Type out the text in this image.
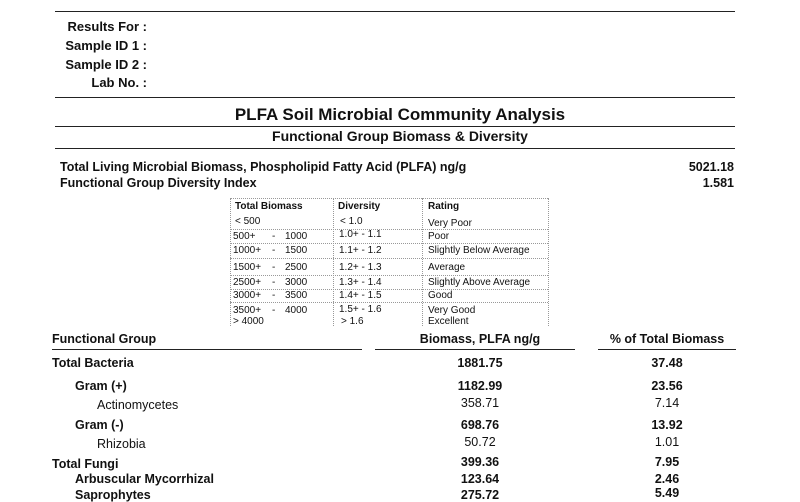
Results For :
Sample ID 1 :
Sample ID 2 :
Lab No. :
PLFA Soil Microbial Community Analysis
Functional Group Biomass & Diversity
Total Living Microbial Biomass, Phospholipid Fatty Acid (PLFA) ng/g	5021.18
Functional Group Diversity Index	1.581
Total Biomass	Diversity	Rating
< 500	< 1.0	Very Poor
500+ - 1000	1.0+ - 1.1	Poor
1000+ - 1500	1.1+ - 1.2	Slightly Below Average
1500+ - 2500	1.2+ - 1.3	Average
2500+ - 3000	1.3+ - 1.4	Slightly Above Average
3000+ - 3500	1.4+ - 1.5	Good
3500+ - 4000	1.5+ - 1.6	Very Good
> 4000	> 1.6	Excellent
Functional Group	Biomass, PLFA ng/g	% of Total Biomass
Total Bacteria	1881.75	37.48
Gram (+)	1182.99	23.56
Actinomycetes	358.71	7.14
Gram (-)	698.76	13.92
Rhizobia	50.72	1.01
Total Fungi	399.36	7.95
Arbuscular Mycorrhizal	123.64	2.46
Saprophytes	275.72	5.49
